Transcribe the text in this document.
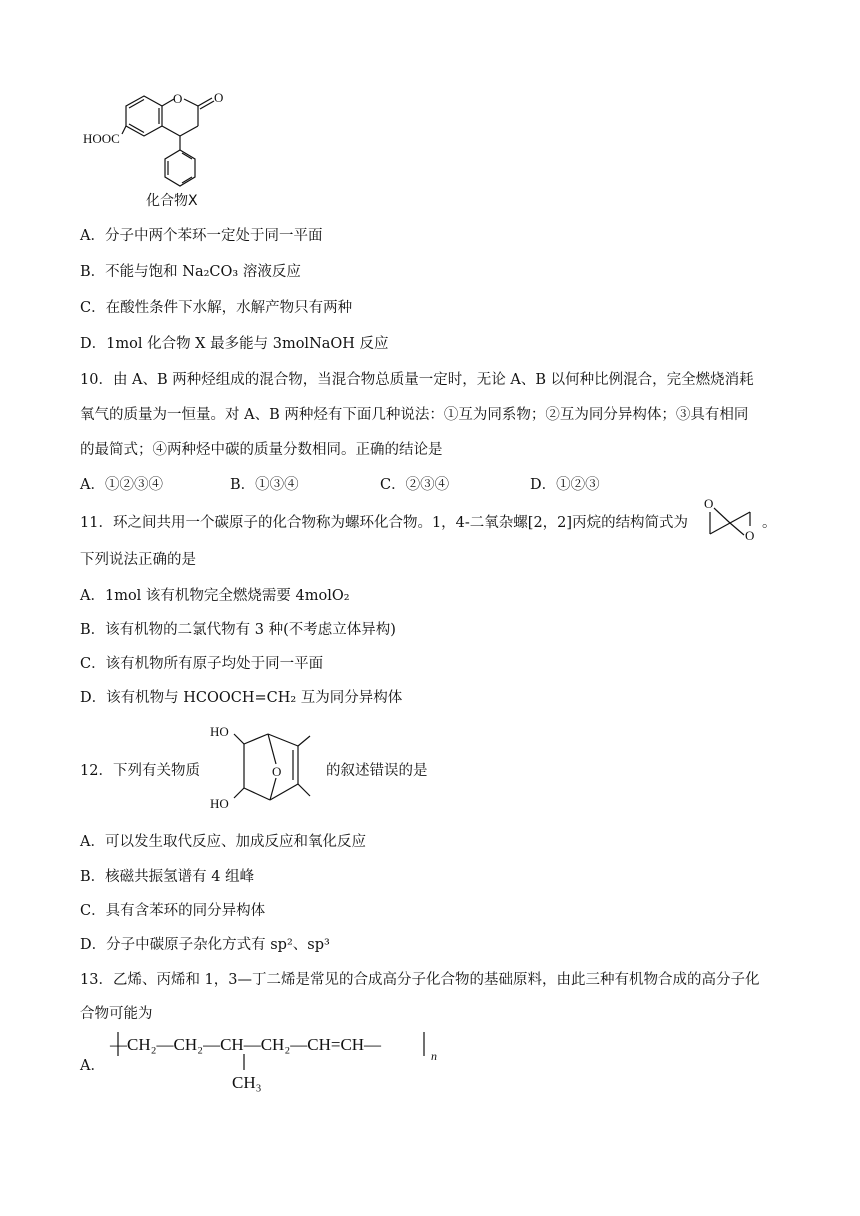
O O
HOOC
化合物X
A．分子中两个苯环一定处于同一平面
B．不能与饱和 Na₂CO₃ 溶液反应
C．在酸性条件下水解，水解产物只有两种
D．1mol 化合物 X 最多能与 3molNaOH 反应
10．由 A、B 两种烃组成的混合物，当混合物总质量一定时，无论 A、B 以何种比例混合，完全燃烧消耗
氧气的质量为一恒量。对 A、B 两种烃有下面几种说法：①互为同系物；②互为同分异构体；③具有相同
的最简式；④两种烃中碳的质量分数相同。正确的结论是
A．①②③④	B．①③④	C．②③④	D．①②③
11．环之间共用一个碳原子的化合物称为螺环化合物。1，4-二氧杂螺[2，2]丙烷的结构简式为
O
O
。
下列说法正确的是
A．1mol 该有机物完全燃烧需要 4molO₂
B．该有机物的二氯代物有 3 种(不考虑立体异构)
C．该有机物所有原子均处于同一平面
D．该有机物与 HCOOCH=CH₂ 互为同分异构体
12．下列有关物质
HO
HO
O	的叙述错误的是
A．可以发生取代反应、加成反应和氧化反应
B．核磁共振氢谱有 4 组峰
C．具有含苯环的同分异构体
D．分子中碳原子杂化方式有 sp²、sp³
13．乙烯、丙烯和 1，3—丁二烯是常见的合成高分子化合物的基础原料，由此三种有机物合成的高分子化
合物可能为
A．
—CH₂—CH₂—CH—CH₂—CH=CH—
n
CH₃
